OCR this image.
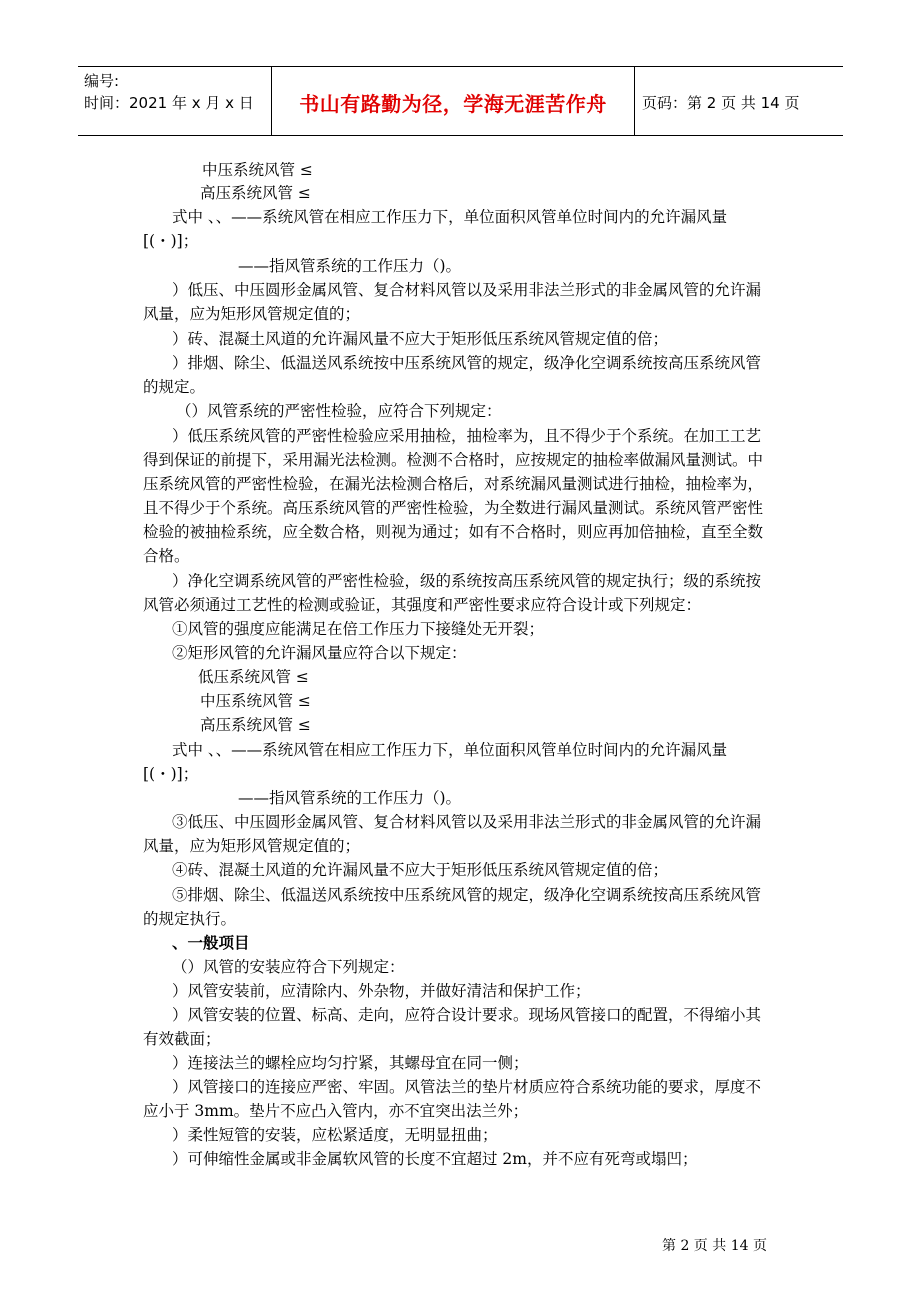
编号:
时间：2021 年 x 月 x 日	书山有路勤为径，学海无涯苦作舟	页码：第 2 页 共 14 页
中压系统风管 ≤
高压系统风管 ≤
式中 、、——系统风管在相应工作压力下，单位面积风管单位时间内的允许漏风量
[(・)]；
——指风管系统的工作压力（)。
）低压、中压圆形金属风管、复合材料风管以及采用非法兰形式的非金属风管的允许漏
风量，应为矩形风管规定值的；
）砖、混凝土风道的允许漏风量不应大于矩形低压系统风管规定值的倍；
）排烟、除尘、低温送风系统按中压系统风管的规定，级净化空调系统按高压系统风管
的规定。
（）风管系统的严密性检验，应符合下列规定：
）低压系统风管的严密性检验应采用抽检，抽检率为，且不得少于个系统。在加工工艺
得到保证的前提下，采用漏光法检测。检测不合格时，应按规定的抽检率做漏风量测试。中
压系统风管的严密性检验，在漏光法检测合格后，对系统漏风量测试进行抽检，抽检率为，
且不得少于个系统。高压系统风管的严密性检验，为全数进行漏风量测试。系统风管严密性
检验的被抽检系统，应全数合格，则视为通过；如有不合格时，则应再加倍抽检，直至全数
合格。
）净化空调系统风管的严密性检验，级的系统按高压系统风管的规定执行；级的系统按
风管必须通过工艺性的检测或验证，其强度和严密性要求应符合设计或下列规定：
①风管的强度应能满足在倍工作压力下接缝处无开裂；
②矩形风管的允许漏风量应符合以下规定：
低压系统风管 ≤
中压系统风管 ≤
高压系统风管 ≤
式中 、、——系统风管在相应工作压力下，单位面积风管单位时间内的允许漏风量
[(・)]；
——指风管系统的工作压力（)。
③低压、中压圆形金属风管、复合材料风管以及采用非法兰形式的非金属风管的允许漏
风量，应为矩形风管规定值的；
④砖、混凝土风道的允许漏风量不应大于矩形低压系统风管规定值的倍；
⑤排烟、除尘、低温送风系统按中压系统风管的规定，级净化空调系统按高压系统风管
的规定执行。
、一般项目
（）风管的安装应符合下列规定：
）风管安装前，应清除内、外杂物，并做好清洁和保护工作；
）风管安装的位置、标高、走向，应符合设计要求。现场风管接口的配置，不得缩小其
有效截面；
）连接法兰的螺栓应均匀拧紧，其螺母宜在同一侧；
）风管接口的连接应严密、牢固。风管法兰的垫片材质应符合系统功能的要求，厚度不
应小于 3mm。垫片不应凸入管内，亦不宜突出法兰外；
）柔性短管的安装，应松紧适度，无明显扭曲；
）可伸缩性金属或非金属软风管的长度不宜超过 2m，并不应有死弯或塌凹；
第 2 页 共 14 页
